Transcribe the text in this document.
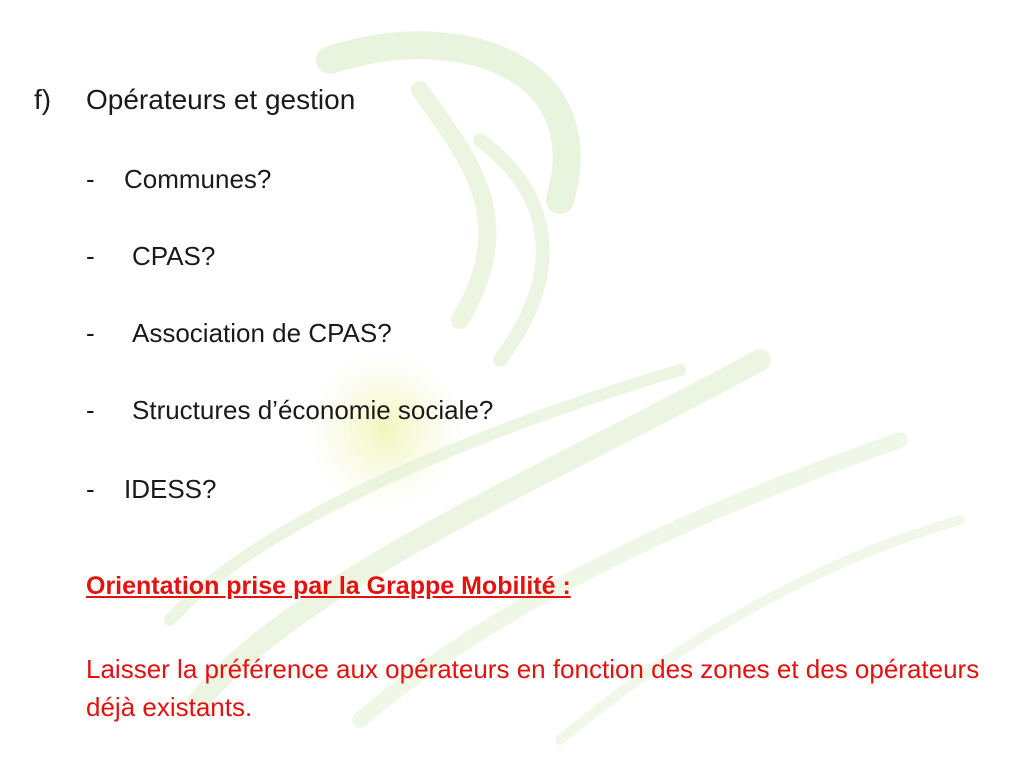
f) Opérateurs et gestion
- Communes?
- CPAS?
- Association de CPAS?
- Structures d’économie sociale?
- IDESS?
Orientation prise par la Grappe Mobilité :
Laisser la préférence aux opérateurs en fonction des zones et des opérateurs déjà existants.
